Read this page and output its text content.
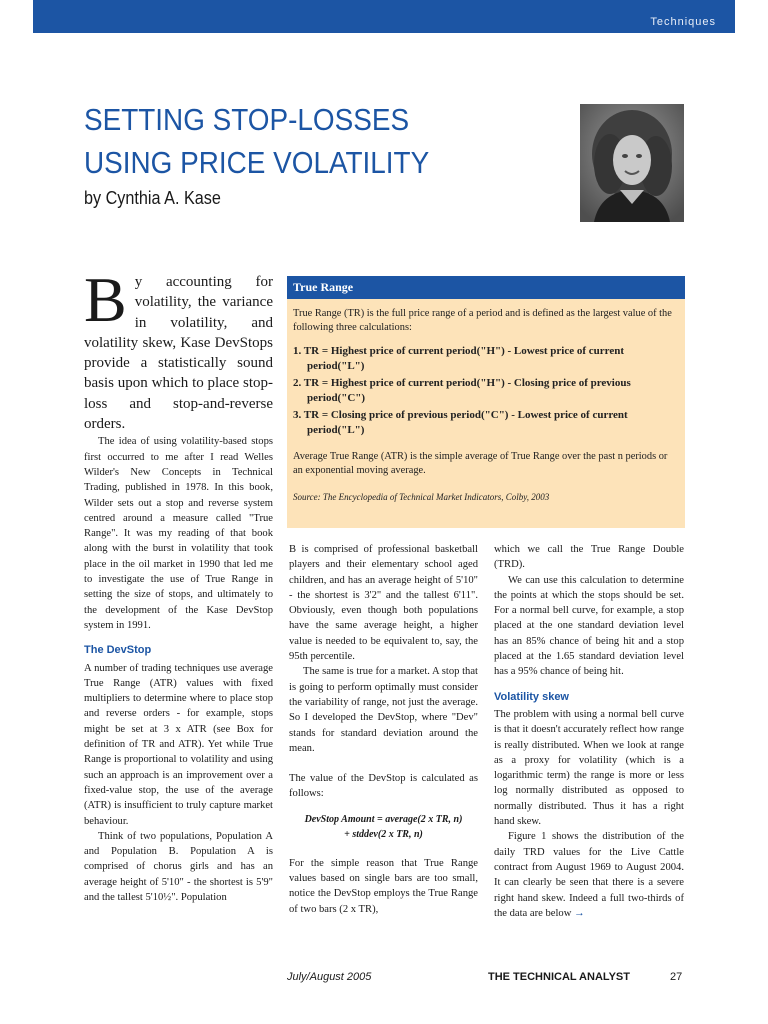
Techniques
SETTING STOP-LOSSES
USING PRICE VOLATILITY
by Cynthia A. Kase

By accounting for volatility, the variance in volatility, and volatility skew, Kase DevStops provide a statistically sound basis upon which to place stop-loss and stop-and-reverse orders.

The idea of using volatility-based stops first occurred to me after I read Welles Wilder's New Concepts in Technical Trading, published in 1978. In this book, Wilder sets out a stop and reverse system centred around a measure called "True Range". It was my reading of that book along with the burst in volatility that took place in the oil market in 1990 that led me to investigate the use of True Range in setting the size of stops, and ultimately to the development of the Kase DevStop system in 1991.

The DevStop

A number of trading techniques use average True Range (ATR) values with fixed multipliers to determine where to place stop and reverse orders - for example, stops might be set at 3 x ATR (see Box for definition of TR and ATR). Yet while True Range is proportional to volatility and using such an approach is an improvement over a fixed-value stop, the use of the average (ATR) is insufficient to truly capture market behaviour.

Think of two populations, Population A and Population B. Population A is comprised of chorus girls and has an average height of 5'10" - the shortest is 5'9" and the tallest 5'10½". Population

True Range

True Range (TR) is the full price range of a period and is defined as the largest value of the following three calculations:

1. TR = Highest price of current period("H") - Lowest price of current period("L")
2. TR = Highest price of current period("H") - Closing price of previous period("C")
3. TR = Closing price of previous period("C") - Lowest price of current period("L")

Average True Range (ATR) is the simple average of True Range over the past n periods or an exponential moving average.

Source: The Encyclopedia of Technical Market Indicators, Colby, 2003

B is comprised of professional basketball players and their elementary school aged children, and has an average height of 5'10" - the shortest is 3'2" and the tallest 6'11". Obviously, even though both populations have the same average height, a higher value is needed to be equivalent to, say, the 95th percentile.

The same is true for a market. A stop that is going to perform optimally must consider the variability of range, not just the average. So I developed the DevStop, where "Dev" stands for standard deviation around the mean.

The value of the DevStop is calculated as follows:

DevStop Amount = average(2 x TR, n)
+ stddev(2 x TR, n)

For the simple reason that True Range values based on single bars are too small, notice the DevStop employs the True Range of two bars (2 x TR),

which we call the True Range Double (TRD).

We can use this calculation to determine the points at which the stops should be set. For a normal bell curve, for example, a stop placed at the one standard deviation level has an 85% chance of being hit and a stop placed at the 1.65 standard deviation level has a 95% chance of being hit.

Volatility skew

The problem with using a normal bell curve is that it doesn't accurately reflect how range is really distributed. When we look at range as a proxy for volatility (which is a logarithmic term) the range is more or less log normally distributed as opposed to normally distributed. Thus it has a right hand skew.

Figure 1 shows the distribution of the daily TRD values for the Live Cattle contract from August 1969 to August 2004. It can clearly be seen that there is a severe right hand skew. Indeed a full two-thirds of the data are below →

July/August 2005	THE TECHNICAL ANALYST	27
